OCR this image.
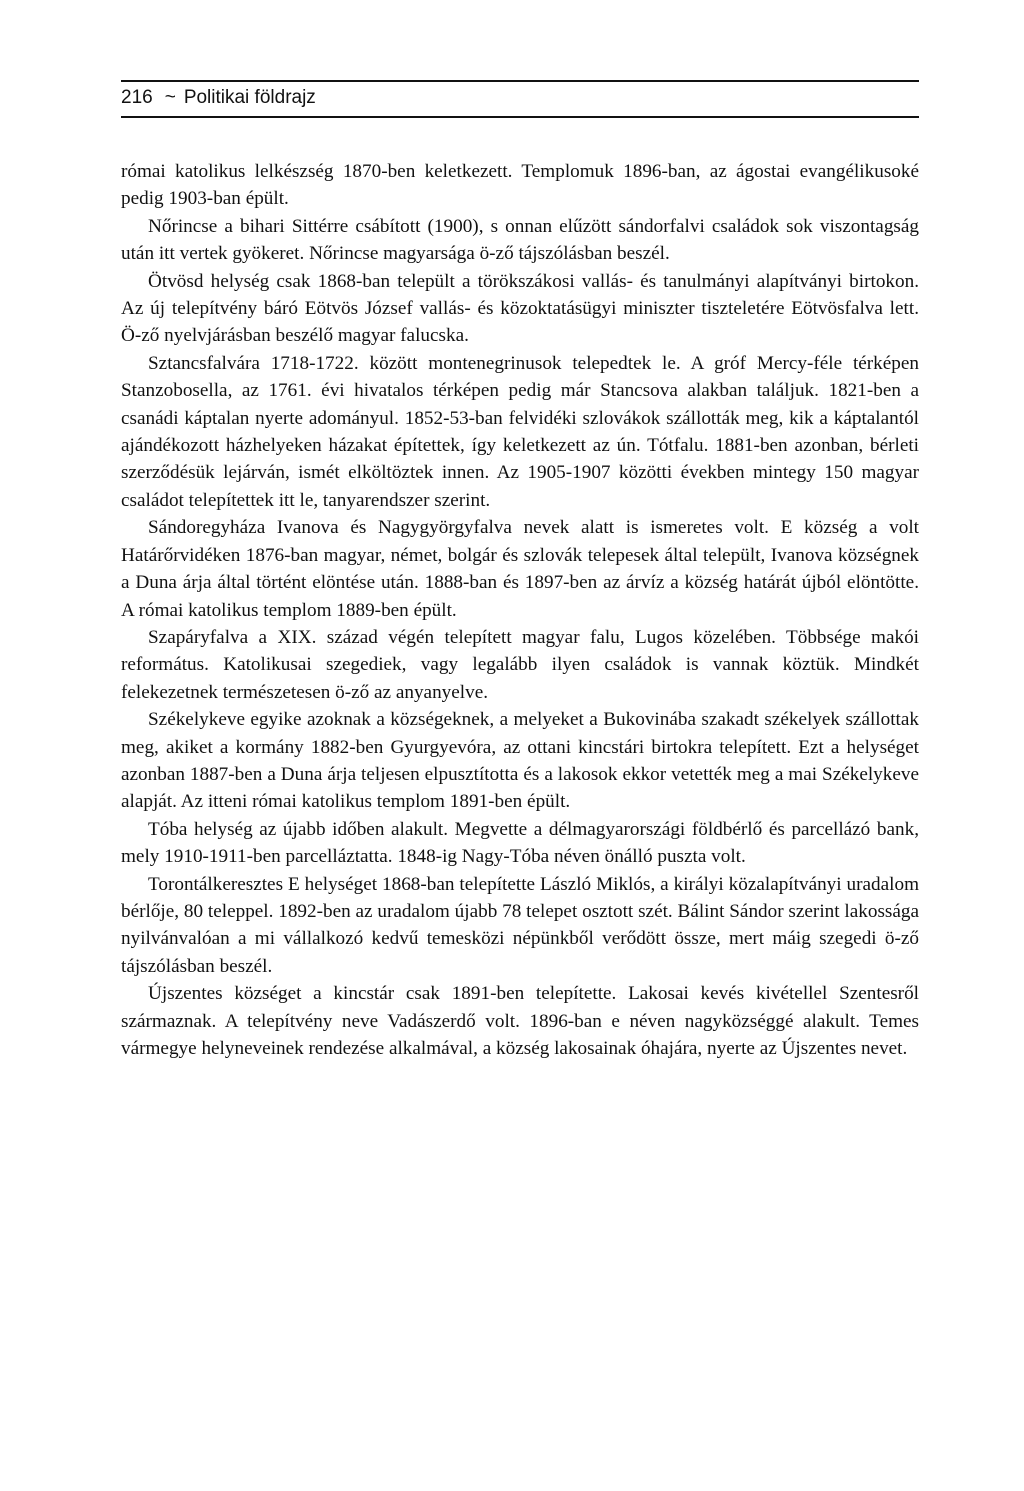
216 ~ Politikai földrajz

római katolikus lelkészség 1870-ben keletkezett. Templomuk 1896-ban, az ágostai evangélikusoké pedig 1903-ban épült.

Nőrincse a bihari Sittérre csábított (1900), s onnan elűzött sándorfalvi családok sok viszontagság után itt vertek gyökeret. Nőrincse magyarsága ö-ző tájszólásban beszél.

Ötvösd helység csak 1868-ban települt a törökszákosi vallás- és tanulmányi alapítványi birtokon. Az új telepítvény báró Eötvös József vallás- és közoktatásügyi miniszter tiszteletére Eötvösfalva lett. Ö-ző nyelvjárásban beszélő magyar falucska.

Sztancsfalvára 1718-1722. között montenegrinusok telepedtek le. A gróf Mercy-féle térképen Stanzobosella, az 1761. évi hivatalos térképen pedig már Stancsova alakban találjuk. 1821-ben a csanádi káptalan nyerte adományul. 1852-53-ban felvidéki szlovákok szállották meg, kik a káptalantól ajándékozott házhelyeken házakat építettek, így keletkezett az ún. Tótfalu. 1881-ben azonban, bérleti szerződésük lejárván, ismét elköltöztek innen. Az 1905-1907 közötti években mintegy 150 magyar családot telepítettek itt le, tanyarendszer szerint.

Sándoregyháza Ivanova és Nagygyörgyfalva nevek alatt is ismeretes volt. E község a volt Határőrvidéken 1876-ban magyar, német, bolgár és szlovák telepesek által települt, Ivanova községnek a Duna árja által történt elöntése után. 1888-ban és 1897-ben az árvíz a község határát újból elöntötte. A római katolikus templom 1889-ben épült.

Szapáryfalva a XIX. század végén telepített magyar falu, Lugos közelében. Többsége makói református. Katolikusai szegediek, vagy legalább ilyen családok is vannak köztük. Mindkét felekezetnek természetesen ö-ző az anyanyelve.

Székelykeve egyike azoknak a községeknek, a melyeket a Bukovinába szakadt székelyek szállottak meg, akiket a kormány 1882-ben Gyurgyevóra, az ottani kincstári birtokra telepített. Ezt a helységet azonban 1887-ben a Duna árja teljesen elpusztította és a lakosok ekkor vetették meg a mai Székelykeve alapját. Az itteni római katolikus templom 1891-ben épült.

Tóba helység az újabb időben alakult. Megvette a délmagyarországi földbérlő és parcellázó bank, mely 1910-1911-ben parcelláztatta. 1848-ig Nagy-Tóba néven önálló puszta volt.

Torontálkeresztes E helységet 1868-ban telepítette László Miklós, a királyi közalapítványi uradalom bérlője, 80 teleppel. 1892-ben az uradalom újabb 78 telepet osztott szét. Bálint Sándor szerint lakossága nyilvánvalóan a mi vállalkozó kedvű temesközi népünkből verődött össze, mert máig szegedi ö-ző tájszólásban beszél.

Újszentes községet a kincstár csak 1891-ben telepítette. Lakosai kevés kivétellel Szentesről származnak. A telepítvény neve Vadászerdő volt. 1896-ban e néven nagyközséggé alakult. Temes vármegye helyneveinek rendezése alkalmával, a község lakosainak óhajára, nyerte az Újszentes nevet.
